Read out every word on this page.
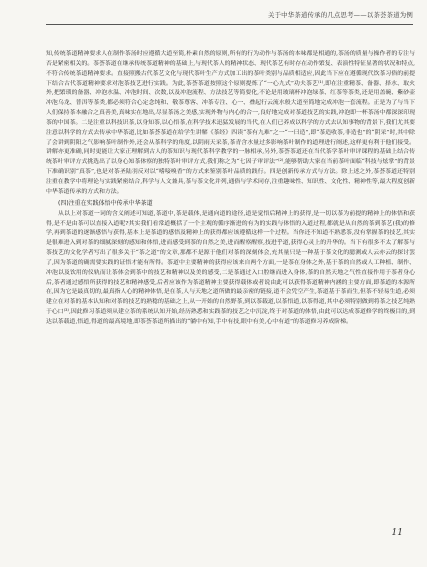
关于中华茶道传承的几点思考——以茶荟茶道为例

知,传统茶道精神要求人在制作茶汤时应遵循大道至简,朴素自然的原则,所有的行为动作与茶汤的本味都是相通的,茶汤的质量与操作者的专注与否是紧密相关的。茶荟茶道在继承传统茶道精神的基础上,与现代茶人的精神状态、现代茶艺有时存在动作繁复、表演性特征显著的状况和特点,不符合传统茶道精神要求。直接照搬古代茶艺文化与现代茶叶生产方式加工出的茶叶类别与品质相适应,因此当下应在遵循现代饮茶习俗的前提下结合古代茶道精神要求对泡茶技艺进行实践。为此,茶荟茶道按照这个原则提炼了“一心九式”功夫茶艺⁽¹⁾,即在注重精茶、备器、择水、取火外,把繁琐的备器、冲泡水温、冲泡时间、次数,以及冲泡流程、方法技艺等简要化,不论是用玻璃杯冲泡绿茶、红茶等茶类,还是用盖碗、紫砂壶冲泡乌龙、普洱等茶类,都必须符合心定念纯和、敬茶尊客、冲茶专注、心一、叠起行云流水般大道至简地完成冲泡一套流程。正是为了与当下人们保持茶本融合之真善美,真味实在地出,尽显茶汤之美感,实现外物与内心的合一,良好地完成对茶道技艺的实践,冲泡即一杯茶汤中都深深印现茶的中国茶。二是注重以科技识茶,以身知茶,以心悟茶,在科学技术迅猛发展的当代,在人们已养成以科学的方式去认知事物的背景下,我们尤其要注意以科学的方式去传承中华茶道,比如茶荟茶道在给学生讲解《茶经》四读“茶有九难”之一“一曰造”,即“茶造收茶,非造也”的“阴采”时,其中除了会讲到阴阳之气影响茶叶制作外,还会从茶科学的角度,以阴雨天采茶,茶青含水量过多影响茶叶制作的道理进行阐述,这样更有利于他们接受。讲解亦更准确,同时更能让大家正理解到古人的茶知识与现代茶科学教学的一脉相承,另外,茶荟茶道还在当代茶学茶叶审评课程的基础上结合传统茶叶审评方式挑选出了以身心知茶体察的独特茶叶审评方式,我们称之为“七因子审评法”⁽²⁾,能够帮助大家在当前茶叶面临“科技与炫掌”的背景下准确识别“真茶”,也是对茶圣陆羽反对以“嗜唼嗅香”的方式来鉴别茶叶品质的践行。四是创新传承方式与方法。除上述之外,茶荟茶道还特别注重在教学中将理论与实践紧密结合,科学与人文兼具,茶与茶文化并列,通俗与学术同存,注重趣味性、知识性、文化性、精神性等,最大程度创新中华茶道传承的方式和方法。

(四)注重在实践体悟中传承中华茶道

从以上对茶道一词的含义阐述可知道,茶道中,茶是载体,是通向道的途径,道是觉悟后精神上的获得,是一切以茶为前提的精神上的体悟和获得,是不是由茶可以直接入道呢?其实我们看常道概括了一个主观的循序渐进的有为的实践与体悟的入道过程,都就是从自然的茶到茶艺(我)的修学,再到茶道的逐渐感悟与获得,基本上是茶道的感悟及精神上的获得都应该遵循这样一个过程。当你还不知道不熟悉茶,没有掌握茶的技艺,其实是很难进入到对茶的细腻深刻的感知和体悟,进而感受到茶的自然之美,进而醒察醒察,技进乎道,获得心灵上的升华的。当下有很多不太了解茶与茶技艺的文化学者写出了很多关于“茶之道”的文章,那都不是源于他们对茶的深刻体会,充其量只是一种基于茶文化的臆测或人云亦云的探讨罢了,因为茶道的确需要实践的证悟才能有所得。茶道中主要精神的获得应该来自两个方面,一是茶在身体之外,基于茶的自然或人工种植、制作、冲泡以及饮用的仪轨而让茶体会到茶中的技艺和精神以及美的感受,二是茶通过入口腔继而进入身体,茶的自然天地之气性直接作用于茶者身心后,茶者通过感悟所获得的技艺和精神感受,后者应该作为茶道精神主要获得载体或者说由此可以获得茶道精神内涵的主要方面,即茶道的本源所在,因为它是最真切的,最真指人心的精神体悟,是在茶,人与天地之道所做的最亲密的链接,道不会凭空产生,茶道基于茶而生,但茶不轻易生道,必须建立在对茶的基本认知和对茶的技艺的熟稔的基础之上,从一开始的自然野茶,到以茶载道,以茶悟道,以茶得道,其中必须特别做到将茶之技艺纯熟于心口⁽³⁾,因此修习茶道须从建立茶的系统认知开始,经历熟悉和实践茶的技艺之中沉淀,终于对茶道的体悟,由此可以达成茶道修学的终极目的,到达以茶载道,悟道,得道的最高境地,即茶荟茶道所描出的“躺中有知,手中有技,眼中有美,心中有道”的茶道修习养成阶梯。

11
